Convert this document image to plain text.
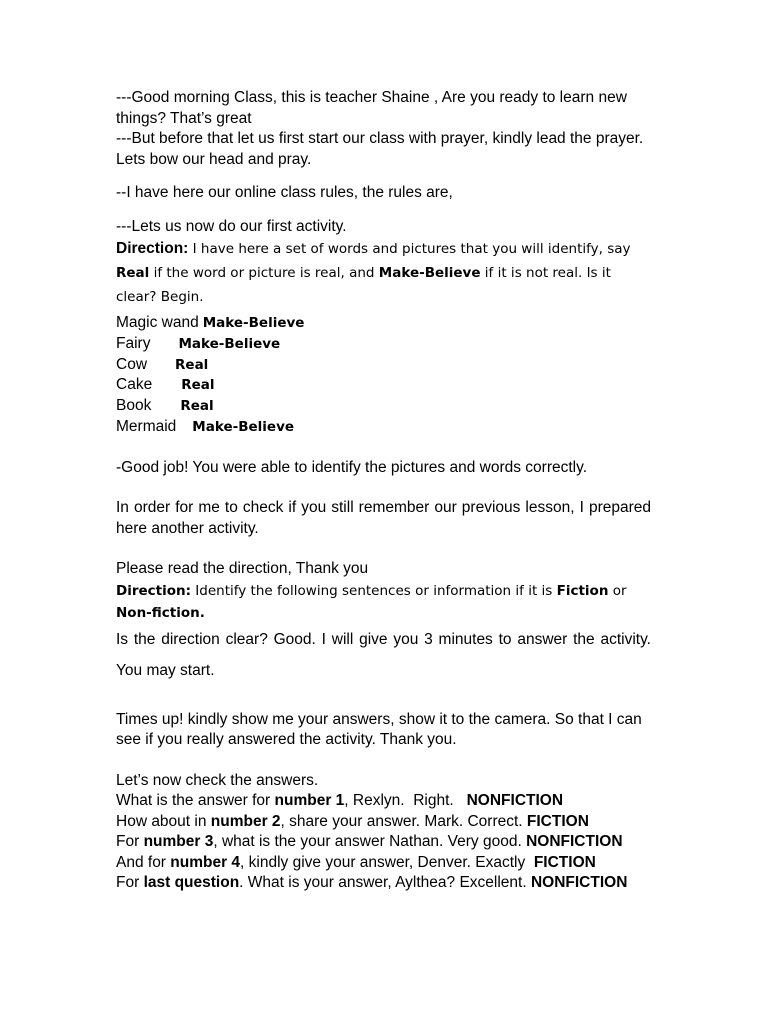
---Good morning Class, this is teacher Shaine , Are you ready to learn new things? That’s great

---But before that let us first start our class with prayer, kindly lead the prayer. Lets bow our head and pray.

--I have here our online class rules, the rules are,

---Lets us now do our first activity.

Direction: I have here a set of words and pictures that you will identify, say Real if the word or picture is real, and Make-Believe if it is not real. Is it clear? Begin.

Magic wand Make-Believe
Fairy Make-Believe
Cow Real
Cake Real
Book Real
Mermaid Make-Believe

-Good job! You were able to identify the pictures and words correctly.

In order for me to check if you still remember our previous lesson, I prepared here another activity.

Please read the direction, Thank you

Direction: Identify the following sentences or information if it is Fiction or Non-fiction.

Is the direction clear? Good. I will give you 3 minutes to answer the activity. You may start.

Times up! kindly show me your answers, show it to the camera. So that I can see if you really answered the activity. Thank you.

Let’s now check the answers.

What is the answer for number 1, Rexlyn.  Right.   NONFICTION

How about in number 2, share your answer. Mark. Correct. FICTION

For number 3, what is the your answer Nathan. Very good. NONFICTION

And for number 4, kindly give your answer, Denver. Exactly  FICTION

For last question. What is your answer, Aylthea? Excellent. NONFICTION
